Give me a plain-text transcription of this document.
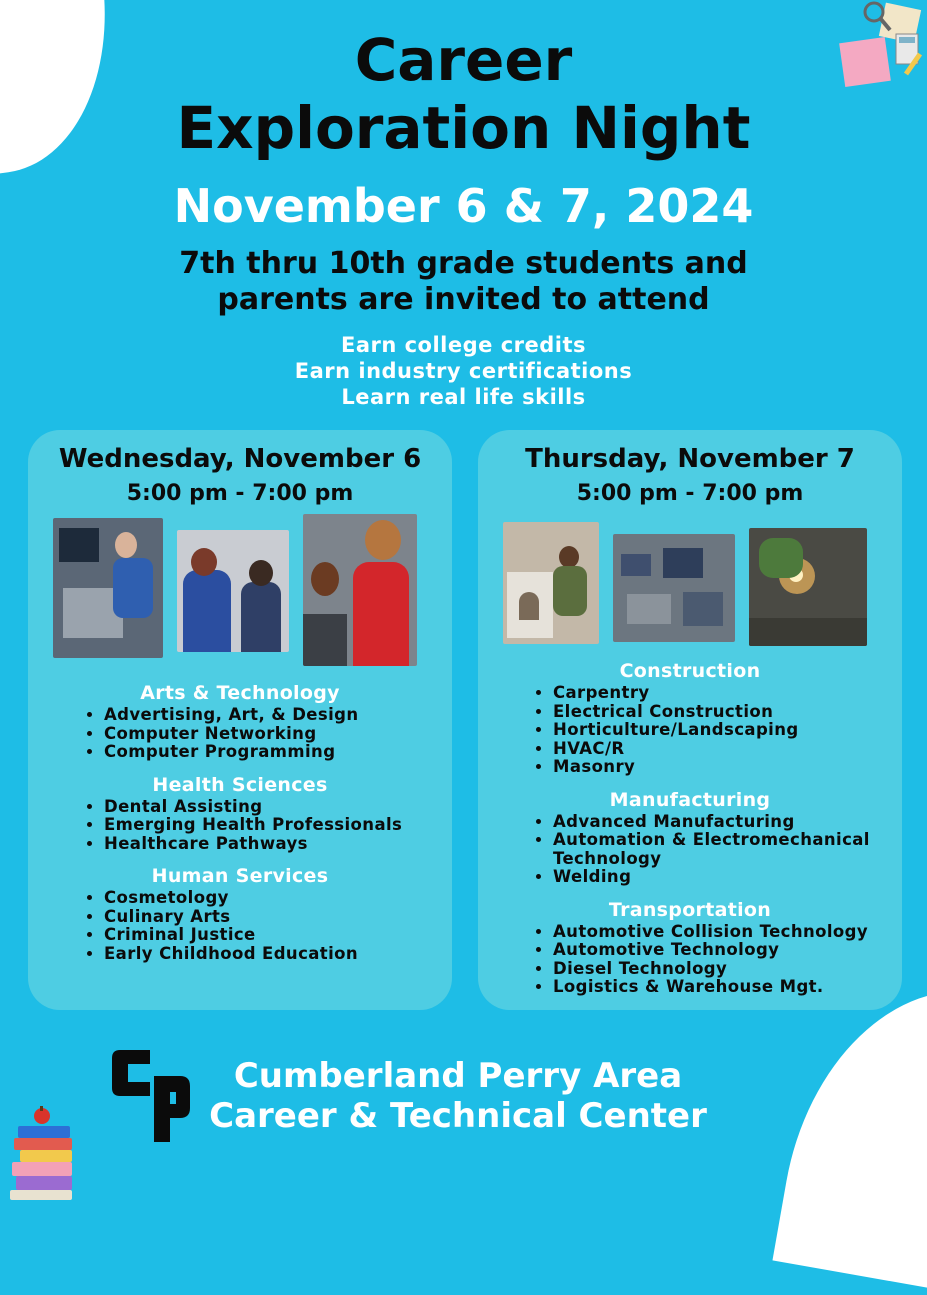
Career
Exploration Night
November 6 & 7, 2024
7th thru 10th grade students and
parents are invited to attend
Earn college credits
Earn industry certifications
Learn real life skills
Wednesday, November 6
5:00 pm - 7:00 pm
Arts & Technology
• Advertising, Art, & Design
• Computer Networking
• Computer Programming
Health Sciences
• Dental Assisting
• Emerging Health Professionals
• Healthcare Pathways
Human Services
• Cosmetology
• Culinary Arts
• Criminal Justice
• Early Childhood Education
Thursday, November 7
5:00 pm - 7:00 pm
Construction
• Carpentry
• Electrical Construction
• Horticulture/Landscaping
• HVAC/R
• Masonry
Manufacturing
• Advanced Manufacturing
• Automation & Electromechanical Technology
• Welding
Transportation
• Automotive Collision Technology
• Automotive Technology
• Diesel Technology
• Logistics & Warehouse Mgt.
Cumberland Perry Area
Career & Technical Center
